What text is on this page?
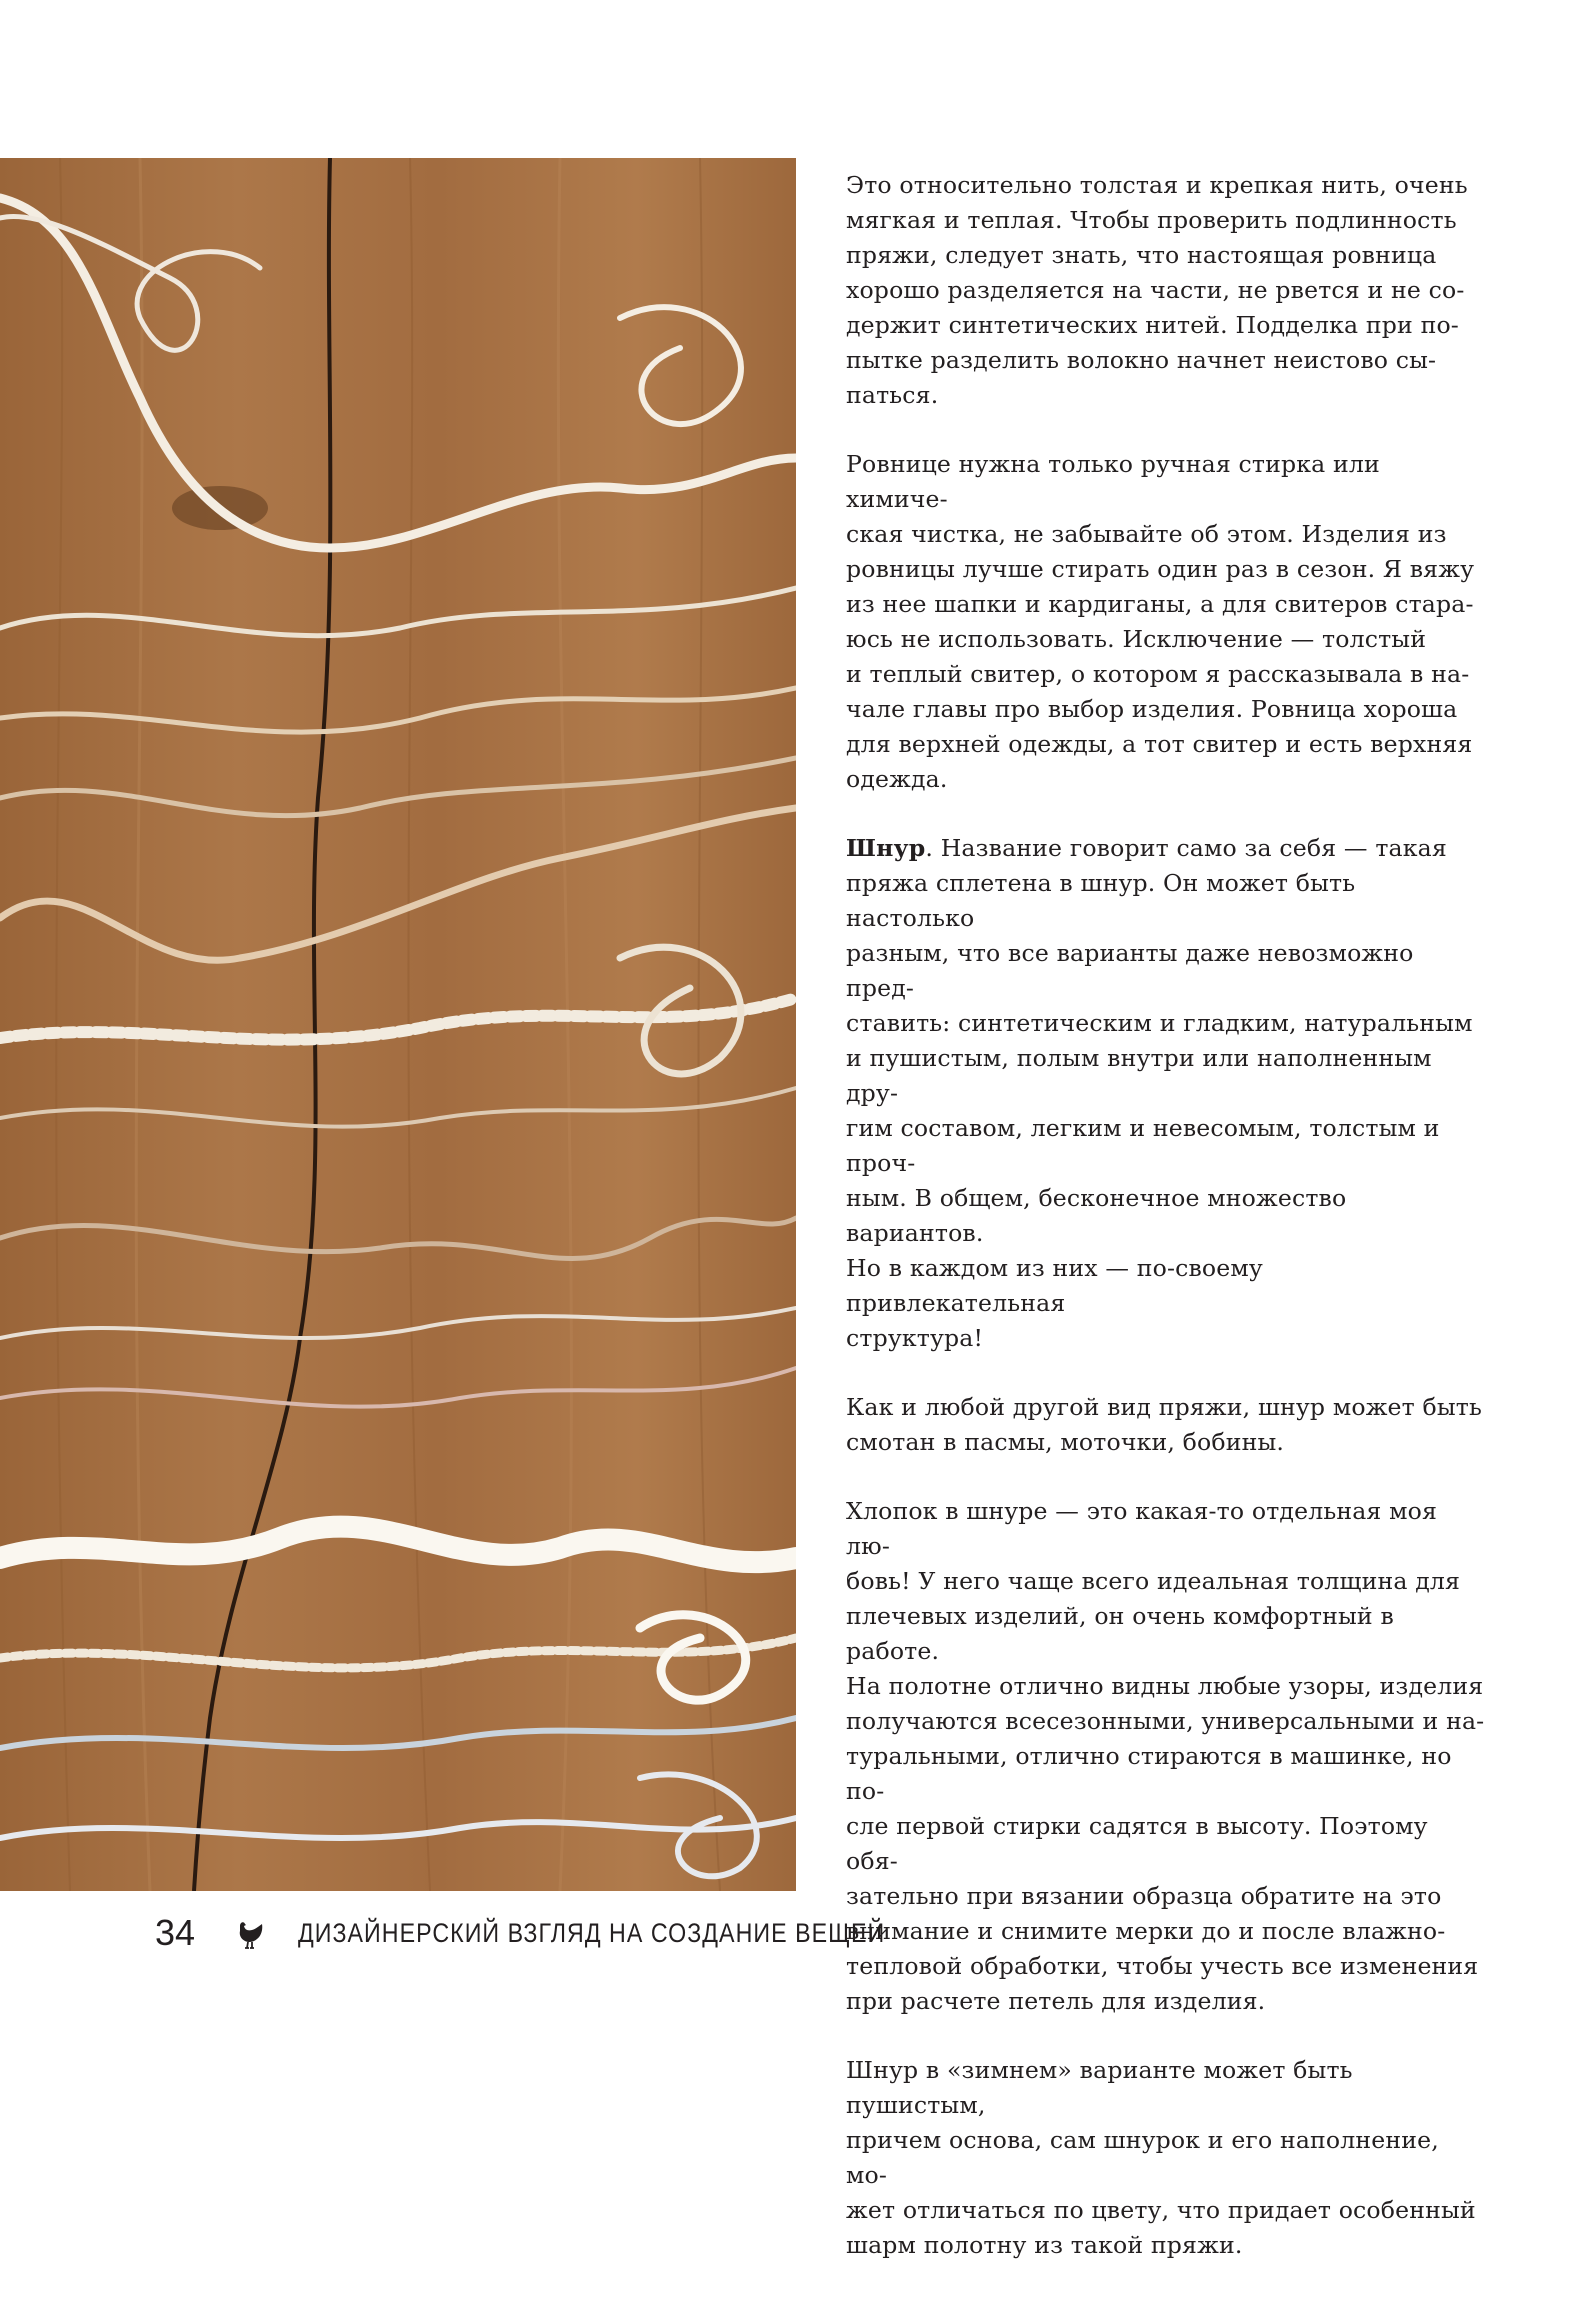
Это относительно толстая и крепкая нить, очень
мягкая и теплая. Чтобы проверить подлинность
пряжи, следует знать, что настоящая ровница
хорошо разделяется на части, не рвется и не со-
держит синтетических нитей. Подделка при по-
пытке разделить волокно начнет неистово сы-
паться.

Ровнице нужна только ручная стирка или химиче-
ская чистка, не забывайте об этом. Изделия из
ровницы лучше стирать один раз в сезон. Я вяжу
из нее шапки и кардиганы, а для свитеров стара-
юсь не использовать. Исключение — толстый
и теплый свитер, о котором я рассказывала в на-
чале главы про выбор изделия. Ровница хороша
для верхней одежды, а тот свитер и есть верхняя
одежда.

Шнур. Название говорит само за себя — такая
пряжа сплетена в шнур. Он может быть настолько
разным, что все варианты даже невозможно пред-
ставить: синтетическим и гладким, натуральным
и пушистым, полым внутри или наполненным дру-
гим составом, легким и невесомым, толстым и проч-
ным. В общем, бесконечное множество вариантов.
Но в каждом из них — по-своему привлекательная
структура!

Как и любой другой вид пряжи, шнур может быть
смотан в пасмы, моточки, бобины.

Хлопок в шнуре — это какая-то отдельная моя лю-
бовь! У него чаще всего идеальная толщина для
плечевых изделий, он очень комфортный в работе.
На полотне отлично видны любые узоры, изделия
получаются всесезонными, универсальными и на-
туральными, отлично стираются в машинке, но по-
сле первой стирки садятся в высоту. Поэтому обя-
зательно при вязании образца обратите на это
внимание и снимите мерки до и после влажно-
тепловой обработки, чтобы учесть все изменения
при расчете петель для изделия.

Шнур в «зимнем» варианте может быть пушистым,
причем основа, сам шнурок и его наполнение, мо-
жет отличаться по цвету, что придает особенный
шарм полотну из такой пряжи.

34	ДИЗАЙНЕРСКИЙ ВЗГЛЯД НА СОЗДАНИЕ ВЕЩЕЙ
